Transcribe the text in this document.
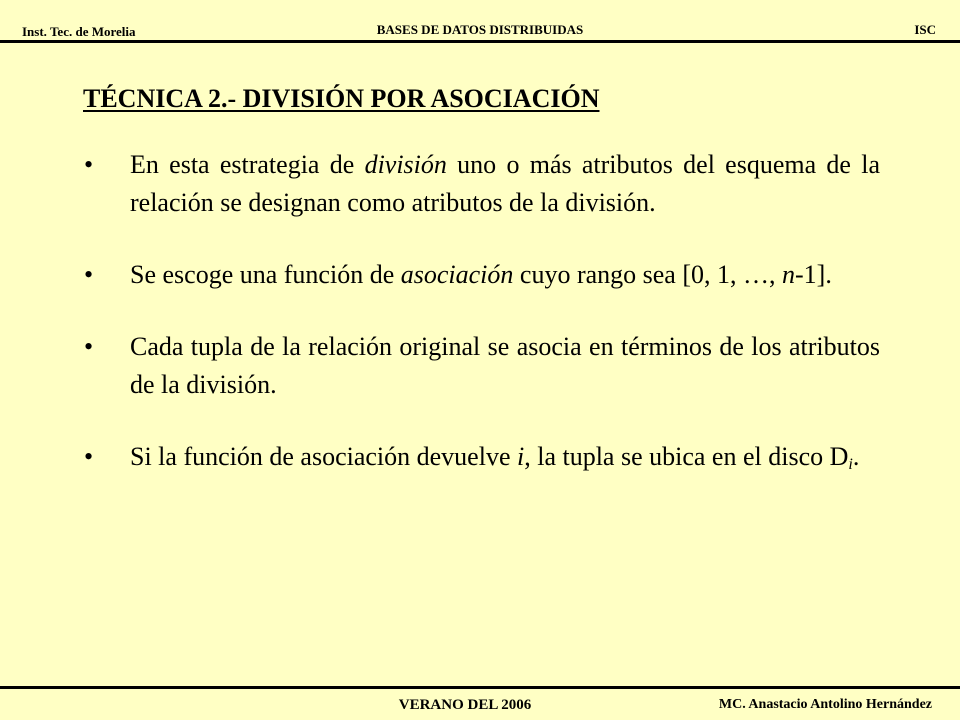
Inst. Tec. de Morelia	BASES DE DATOS DISTRIBUIDAS	ISC
TÉCNICA 2.- DIVISIÓN POR ASOCIACIÓN
• En esta estrategia de división uno o más atributos del esquema de la relación se designan como atributos de la división.
• Se escoge una función de asociación cuyo rango sea [0, 1, …, n-1].
• Cada tupla de la relación original se asocia en términos de los atributos de la división.
• Si la función de asociación devuelve i, la tupla se ubica en el disco $D_i$.
VERANO DEL 2006	MC. Anastacio Antolino Hernández
